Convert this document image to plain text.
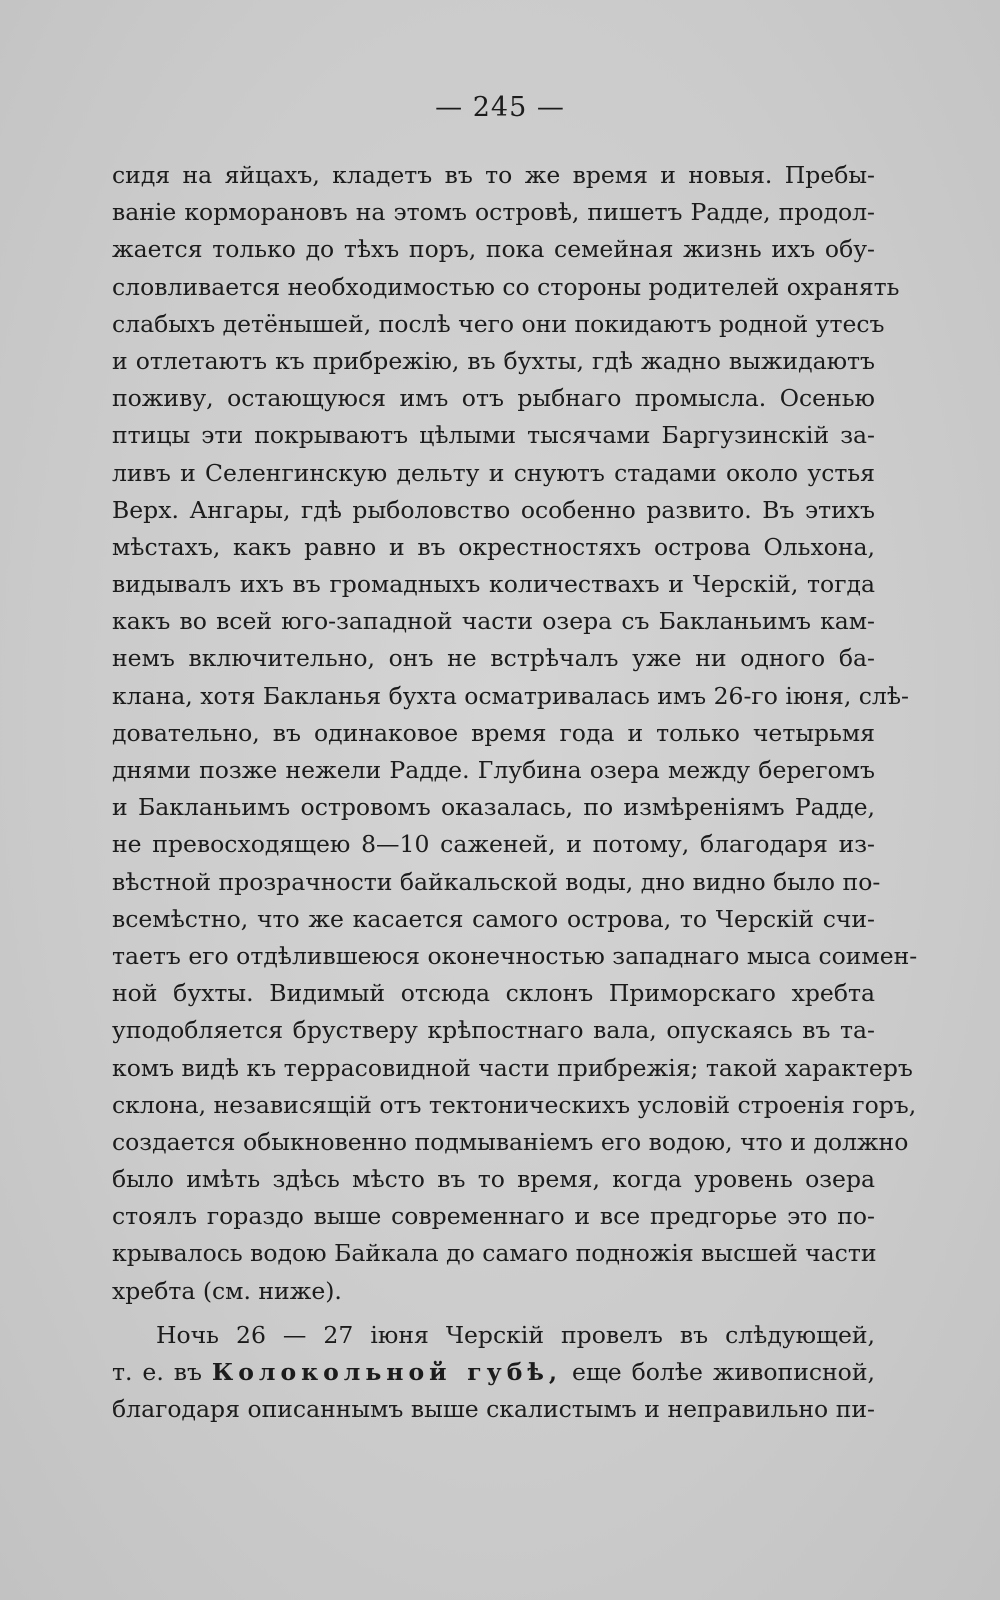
— 245 —
сидя на яйцахъ, кладетъ въ то же время и новыя. Пребы-
ваніе корморановъ на этомъ островѣ, пишетъ Радде, продол-
жается только до тѣхъ поръ, пока семейная жизнь ихъ обу-
словливается необходимостью со стороны родителей охранять
слабыхъ детёнышей, послѣ чего они покидаютъ родной утесъ
и отлетаютъ къ прибрежію, въ бухты, гдѣ жадно выжидаютъ
поживу, остающуюся имъ отъ рыбнаго промысла. Осенью
птицы эти покрываютъ цѣлыми тысячами Баргузинскій за-
ливъ и Селенгинскую дельту и снуютъ стадами около устья
Верх. Ангары, гдѣ рыболовство особенно развито. Въ этихъ
мѣстахъ, какъ равно и въ окрестностяхъ острова Ольхона,
видывалъ ихъ въ громадныхъ количествахъ и Черскій, тогда
какъ во всей юго-западной части озера съ Бакланьимъ кам-
немъ включительно, онъ не встрѣчалъ уже ни одного ба-
клана, хотя Бакланья бухта осматривалась имъ 26-го іюня, слѣ-
довательно, въ одинаковое время года и только четырьмя
днями позже нежели Радде. Глубина озера между берегомъ
и Бакланьимъ островомъ оказалась, по измѣреніямъ Радде,
не превосходящею 8—10 саженей, и потому, благодаря из-
вѣстной прозрачности байкальской воды, дно видно было по-
всемѣстно, что же касается самого острова, то Черскій счи-
таетъ его отдѣлившеюся оконечностью западнаго мыса соимен-
ной бухты. Видимый отсюда склонъ Приморскаго хребта
уподобляется брустверу крѣпостнаго вала, опускаясь въ та-
комъ видѣ къ террасовидной части прибрежія; такой характеръ
склона, независящій отъ тектоническихъ условій строенія горъ,
создается обыкновенно подмываніемъ его водою, что и должно
было имѣть здѣсь мѣсто въ то время, когда уровень озера
стоялъ гораздо выше современнаго и все предгорье это по-
крывалось водою Байкала до самаго подножія высшей части
хребта (см. ниже).
Ночь 26 — 27 іюня Черскій провелъ въ слѣдующей,
т. е. въ Колокольной губѣ, еще болѣе живописной,
благодаря описаннымъ выше скалистымъ и неправильно пи-
